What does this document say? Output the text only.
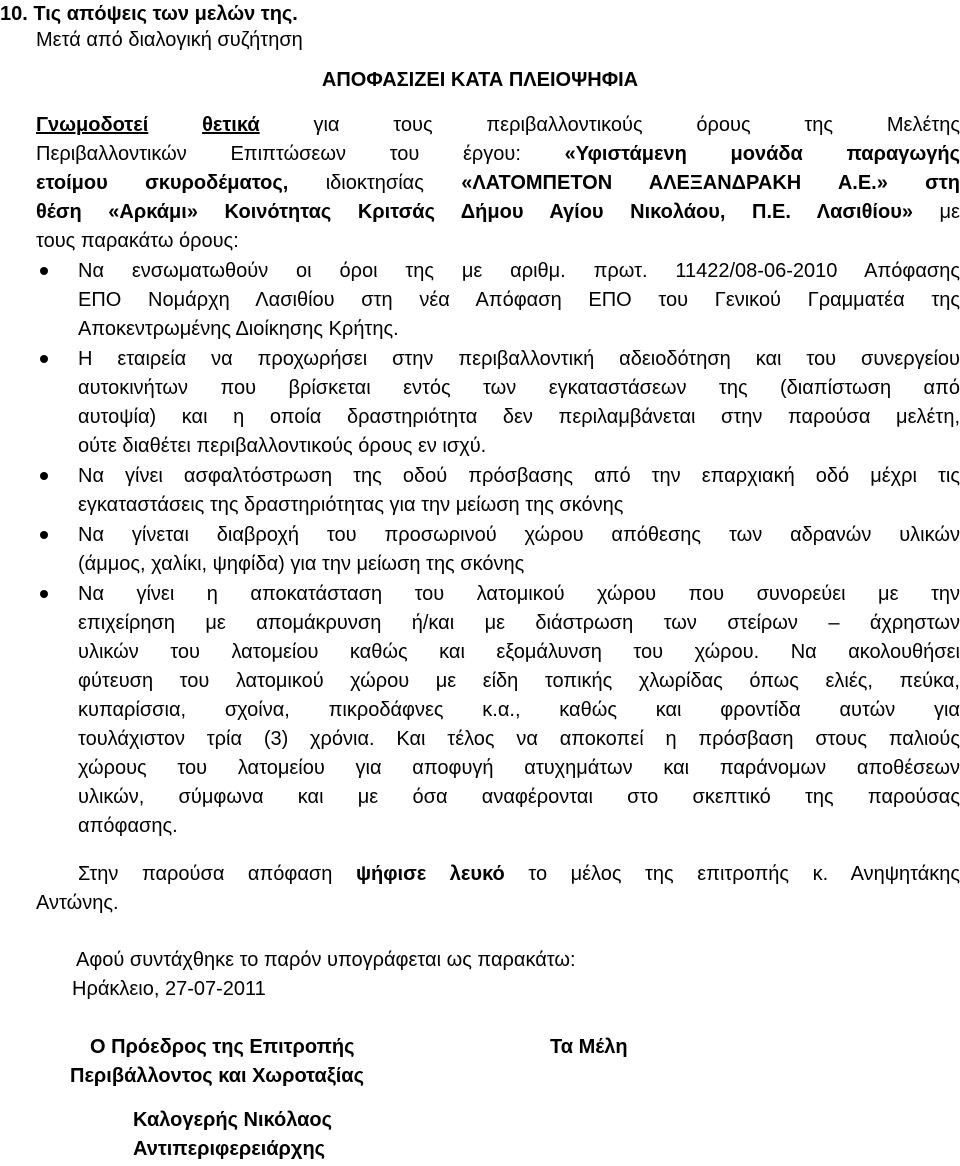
10. Τις απόψεις των μελών της.
Μετά από διαλογική συζήτηση
ΑΠΟΦΑΣΙΖΕΙ ΚΑΤΑ ΠΛΕΙΟΨΗΦΙΑ
Γνωμοδοτεί	θετικά	για τους περιβαλλοντικούς όρους της Μελέτης
Περιβαλλοντικών Επιπτώσεων του έργου: «Υφιστάμενη μονάδα παραγωγής
ετοίμου σκυροδέματος, ιδιοκτησίας «ΛΑΤΟΜΠΕΤΟΝ ΑΛΕΞΑΝΔΡΑΚΗ Α.Ε.» στη
θέση «Αρκάμι» Κοινότητας Κριτσάς Δήμου Αγίου Νικολάου, Π.Ε. Λασιθίου» με
τους παρακάτω όρους:
Να ενσωματωθούν οι όροι της με αριθμ. πρωτ. 11422/08-06-2010 Απόφασης
ΕΠΟ Νομάρχη Λασιθίου στη νέα Απόφαση ΕΠΟ του Γενικού Γραμματέα της
Αποκεντρωμένης Διοίκησης Κρήτης.
Η εταιρεία να προχωρήσει στην περιβαλλοντική αδειοδότηση και του συνεργείου
αυτοκινήτων που βρίσκεται εντός των εγκαταστάσεων της (διαπίστωση από
αυτοψία) και η οποία δραστηριότητα δεν περιλαμβάνεται στην παρούσα μελέτη,
ούτε διαθέτει περιβαλλοντικούς όρους εν ισχύ.
Να γίνει ασφαλτόστρωση της οδού πρόσβασης από την επαρχιακή οδό μέχρι τις
εγκαταστάσεις της δραστηριότητας για την μείωση της σκόνης
Να γίνεται διαβροχή του προσωρινού χώρου απόθεσης των αδρανών υλικών
(άμμος, χαλίκι, ψηφίδα) για την μείωση της σκόνης
Να γίνει η αποκατάσταση του λατομικού χώρου που συνορεύει με την
επιχείρηση με απομάκρυνση ή/και με διάστρωση των στείρων – άχρηστων
υλικών του λατομείου καθώς και εξομάλυνση του χώρου. Να ακολουθήσει
φύτευση του λατομικού χώρου με είδη τοπικής χλωρίδας όπως ελιές, πεύκα,
κυπαρίσσια, σχοίνα, πικροδάφνες κ.α., καθώς και φροντίδα αυτών για
τουλάχιστον τρία (3) χρόνια. Και τέλος να αποκοπεί η πρόσβαση στους παλιούς
χώρους του λατομείου για αποφυγή ατυχημάτων και παράνομων αποθέσεων
υλικών, σύμφωνα και με όσα αναφέρονται στο σκεπτικό της παρούσας
απόφασης.
Στην παρούσα απόφαση ψήφισε λευκό το μέλος της επιτροπής κ. Ανηψητάκης
Αντώνης.
Αφού συντάχθηκε το παρόν υπογράφεται ως παρακάτω:
Ηράκλειο, 27-07-2011
Ο Πρόεδρος της Επιτροπής	Τα Μέλη
Περιβάλλοντος και Χωροταξίας
Καλογερής Νικόλαος
Αντιπεριφερειάρχης
